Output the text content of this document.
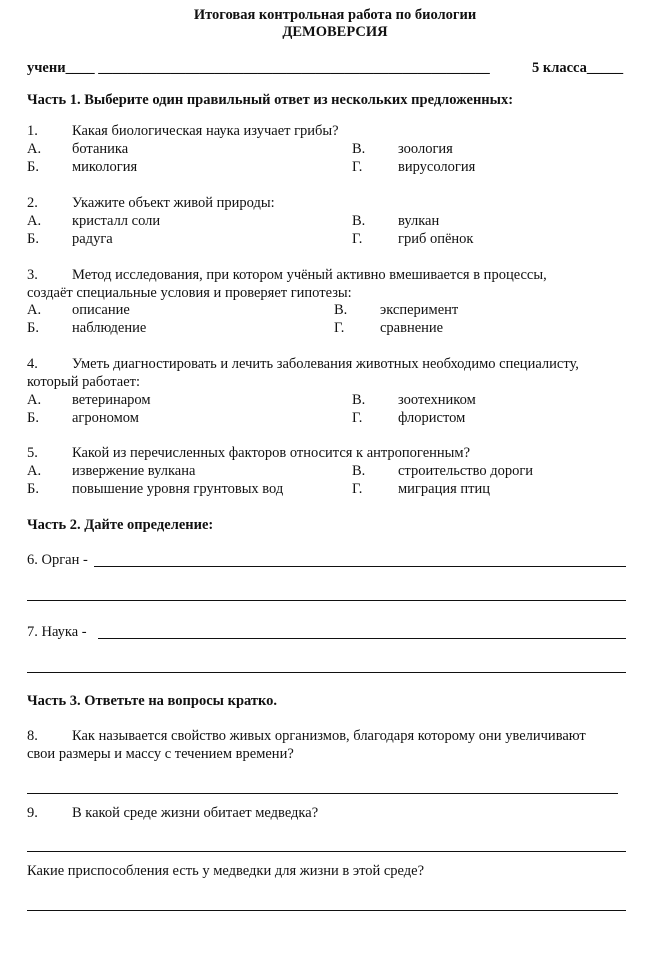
Итоговая контрольная работа по биологии
ДЕМОВЕРСИЯ
учени____ ______________________________________________________	5 класса_____
Часть 1. Выберите один правильный ответ из нескольких предложенных:
1. Какая биологическая наука изучает грибы?
А. ботаника	В. зоология
Б. микология	Г. вирусология
2. Укажите объект живой природы:
А. кристалл соли	В. вулкан
Б. радуга	Г. гриб опёнок
3. Метод исследования, при котором учёный активно вмешивается в процессы,
создаёт специальные условия и проверяет гипотезы:
А. описание	В. эксперимент
Б. наблюдение	Г. сравнение
4. Уметь диагностировать и лечить заболевания животных необходимо специалисту,
который работает:
А. ветеринаром	В. зоотехником
Б. агрономом	Г. флористом
5. Какой из перечисленных факторов относится к антропогенным?
А. извержение вулкана	В. строительство дороги
Б. повышение уровня грунтовых вод	Г. миграция птиц
Часть 2. Дайте определение:
6. Орган -
7. Наука -
Часть 3. Ответьте на вопросы кратко.
8. Как называется свойство живых организмов, благодаря которому они увеличивают
свои размеры и массу с течением времени?
9. В какой среде жизни обитает медведка?
Какие приспособления есть у медведки для жизни в этой среде?
